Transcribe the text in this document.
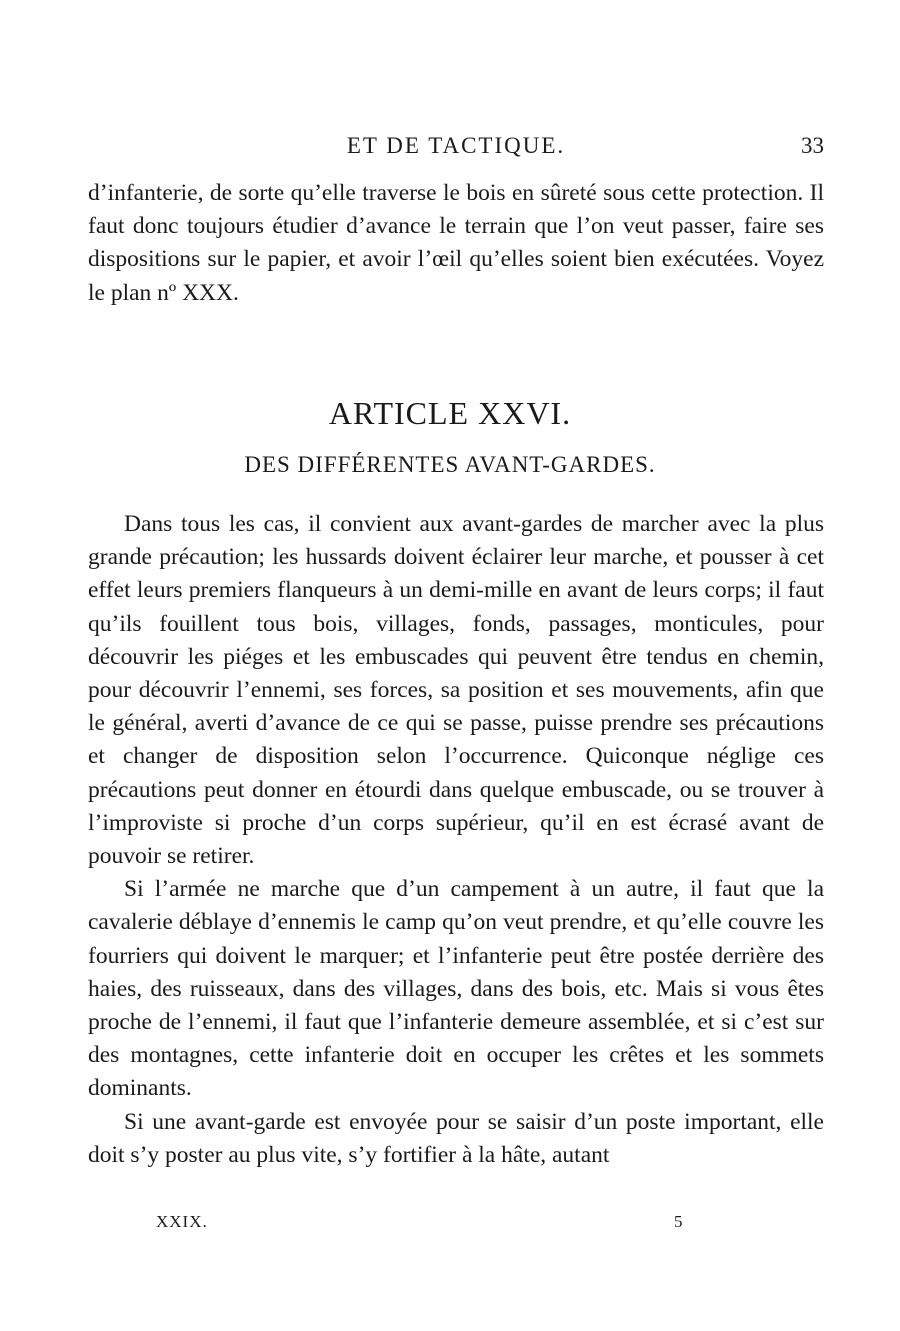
ET DE TACTIQUE.	33

d’infanterie, de sorte qu’elle traverse le bois en sûreté sous cette protection. Il faut donc toujours étudier d’avance le terrain que l’on veut passer, faire ses dispositions sur le papier, et avoir l’œil qu’elles soient bien exécutées. Voyez le plan nº XXX.

ARTICLE XXVI.
DES DIFFÉRENTES AVANT-GARDES.

Dans tous les cas, il convient aux avant-gardes de marcher avec la plus grande précaution; les hussards doivent éclairer leur marche, et pousser à cet effet leurs premiers flanqueurs à un demi-mille en avant de leurs corps; il faut qu’ils fouillent tous bois, villages, fonds, passages, monticules, pour découvrir les piéges et les embuscades qui peuvent être tendus en chemin, pour découvrir l’ennemi, ses forces, sa position et ses mouvements, afin que le général, averti d’avance de ce qui se passe, puisse prendre ses précautions et changer de disposition selon l’occurrence. Quiconque néglige ces précautions peut donner en étourdi dans quelque embuscade, ou se trouver à l’improviste si proche d’un corps supérieur, qu’il en est écrasé avant de pouvoir se retirer.

Si l’armée ne marche que d’un campement à un autre, il faut que la cavalerie déblaye d’ennemis le camp qu’on veut prendre, et qu’elle couvre les fourriers qui doivent le marquer; et l’infanterie peut être postée derrière des haies, des ruisseaux, dans des villages, dans des bois, etc. Mais si vous êtes proche de l’ennemi, il faut que l’infanterie demeure assemblée, et si c’est sur des montagnes, cette infanterie doit en occuper les crêtes et les sommets dominants.

Si une avant-garde est envoyée pour se saisir d’un poste important, elle doit s’y poster au plus vite, s’y fortifier à la hâte, autant

XXIX.	5
